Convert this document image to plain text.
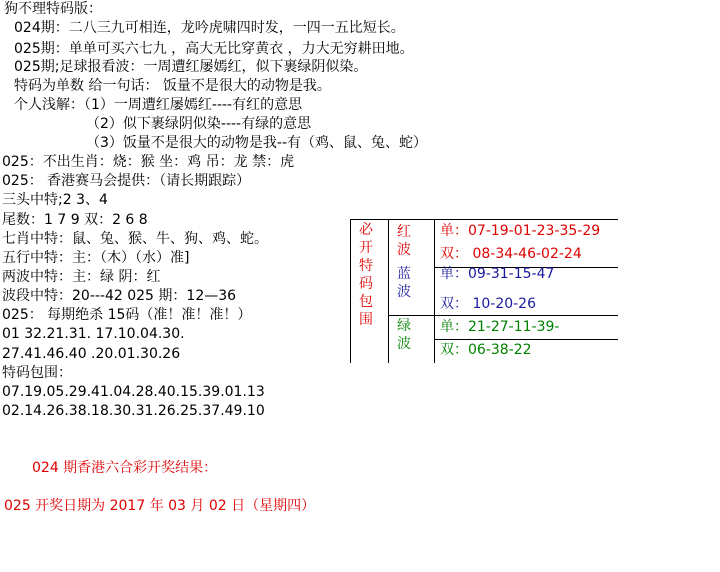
狗不理特码版：
024期：二八三九可相连，龙吟虎啸四时发，一四一五比短长。
025期：单单可买六七九 ，高大无比穿黄衣 ，力大无穷耕田地。
025期;足球报看波：一周遭红屡嫣红，似下裹绿阴似染。
特码为单数 给一句话： 饭量不是很大的动物是我。
个人浅解：（1）一周遭红屡嫣红----有红的意思
（2）似下裹绿阴似染----有绿的意思
（3）饭量不是很大的动物是我--有（鸡、鼠、兔、蛇）
025：不出生肖：烧：猴 坐：鸡 吊：龙 禁：虎
025： 香港赛马会提供：（请长期跟踪）
三头中特;2 3、4
尾数：1 7 9 双：2 6 8
七肖中特：鼠、兔、猴、牛、狗、鸡、蛇。
五行中特：主：（木）（水）准]
两波中特：主：绿 阴：红
波段中特：20---42 025 期：12—36
025： 每期绝杀 15码（准！准！准！）
01 32.21.31. 17.10.04.30.
27.41.46.40 .20.01.30.26
特码包围：
07.19.05.29.41.04.28.40.15.39.01.13
02.14.26.38.18.30.31.26.25.37.49.10
024 期香港六合彩开奖结果：
025 开奖日期为 2017 年 03 月 02 日（星期四）
必
开
特
码
包
围
红
波
蓝
波
绿
波
单：07-19-01-23-35-29
双： 08-34-46-02-24
单：09-31-15-47
双： 10-20-26
单：21-27-11-39-
双：06-38-22
